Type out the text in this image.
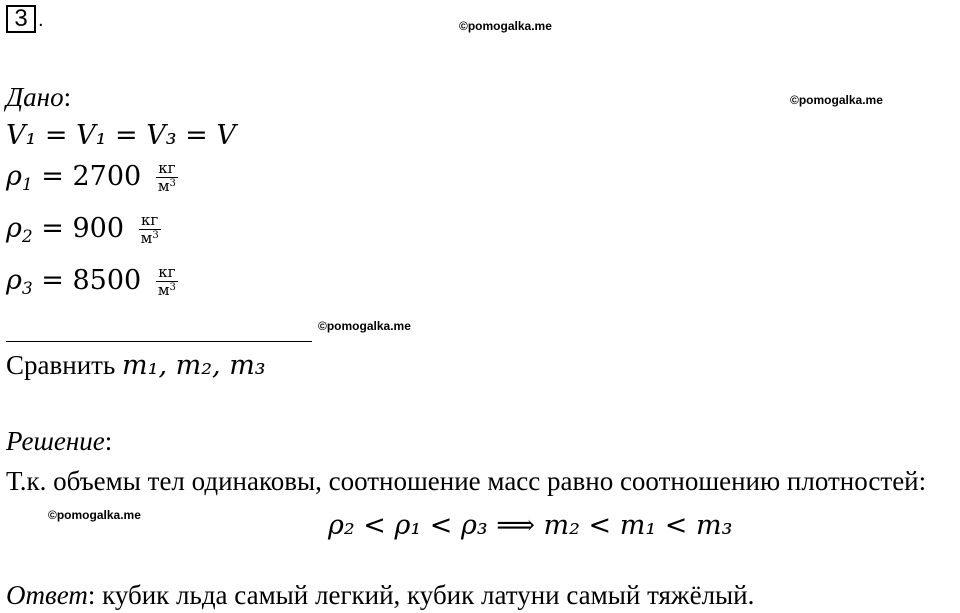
3 .	©pomogalka.me
©pomogalka.me
©pomogalka.me
©pomogalka.me
Дано:
V₁ = V₁ = V₃ = V
$\rho_1 = 2700 \frac{кг}{м^3}$
$\rho_2 = 900 \frac{кг}{м^3}$
$\rho_3 = 8500 \frac{кг}{м^3}$
Сравнить m₁, m₂, m₃
Решение:
Т.к. объемы тел одинаковы, соотношение масс равно соотношению плотностей:
ρ₂ < ρ₁ < ρ₃ ⟹ m₂ < m₁ < m₃
Ответ: кубик льда самый легкий, кубик латуни самый тяжёлый.
